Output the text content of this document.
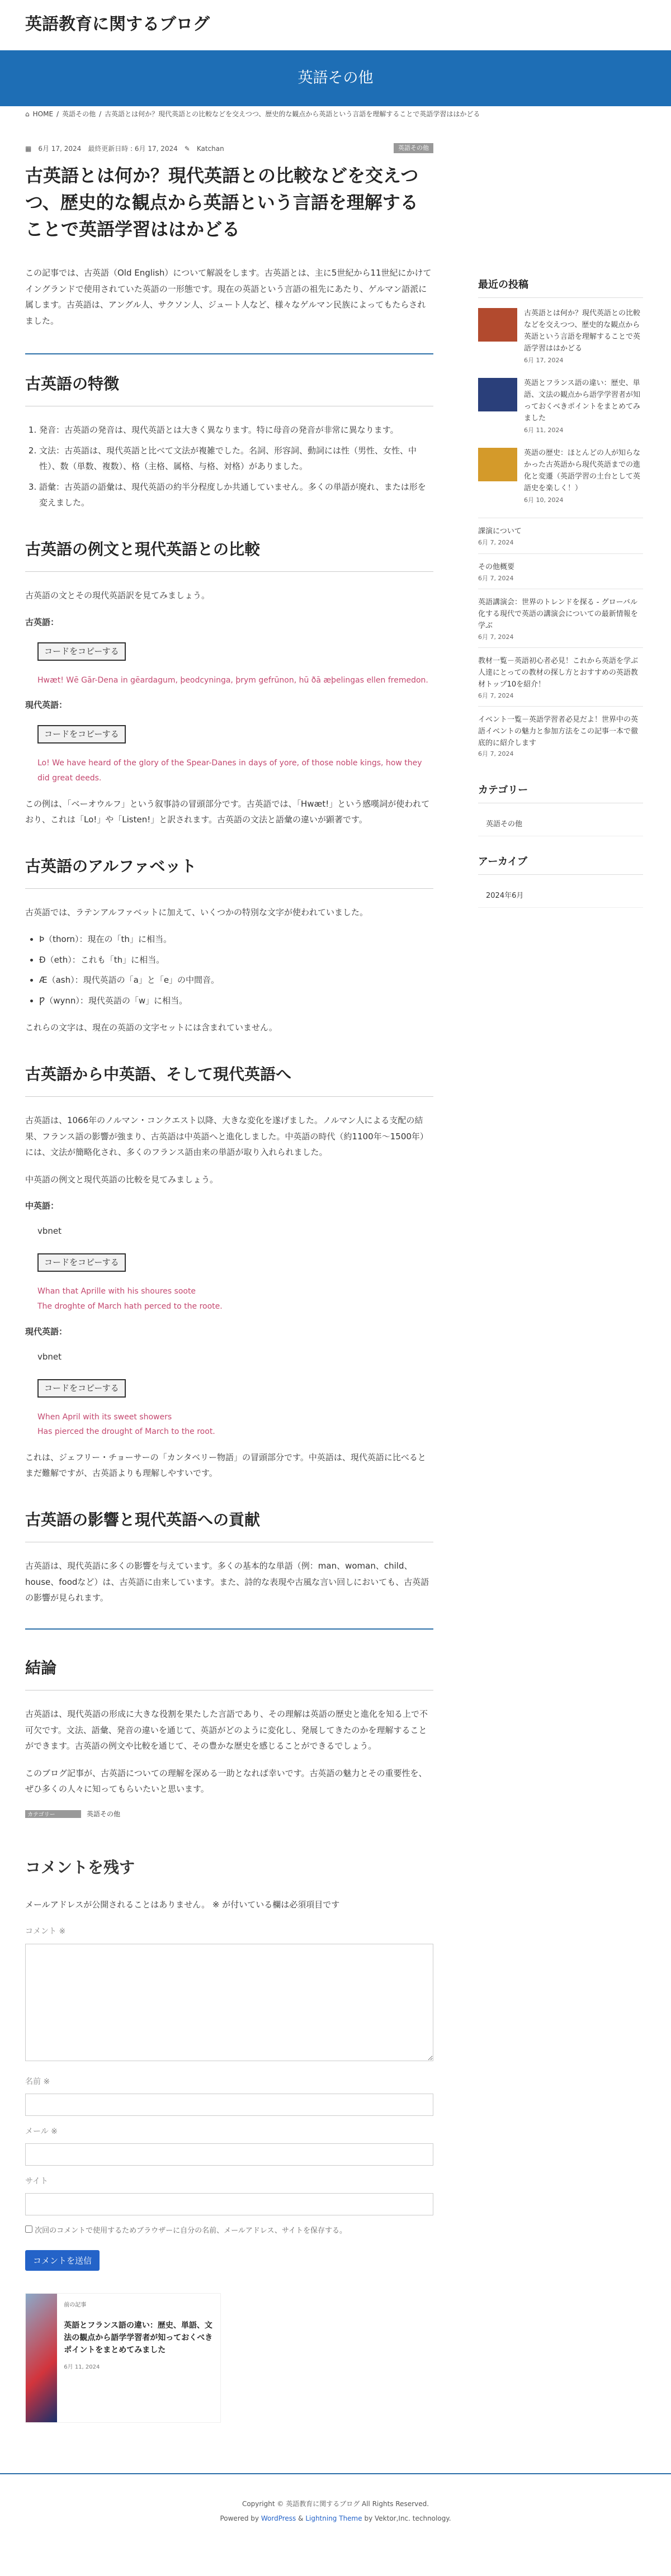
英語教育に関するブログ
英語その他
⌂ HOME / 英語その他 / 古英語とは何か？現代英語との比較などを交えつつ、歴史的な観点から英語という言語を理解することで英語学習ははかどる
▦ 6月 17, 2024 最終更新日時 : 6月 17, 2024 ✎ Katchan	英語その他
古英語とは何か？現代英語との比較などを交えつつ、歴史的な観点から英語という言語を理解することで英語学習ははかどる

この記事では、古英語（Old English）について解説をします。古英語とは、主に5世紀から11世紀にかけてイングランドで使用されていた英語の一形態です。現在の英語という言語の祖先にあたり、ゲルマン語派に属します。古英語は、アングル人、サクソン人、ジュート人など、様々なゲルマン民族によってもたらされました。

古英語の特徴
1. 発音：古英語の発音は、現代英語とは大きく異なります。特に母音の発音が非常に異なります。
2. 文法：古英語は、現代英語と比べて文法が複雑でした。名詞、形容詞、動詞には性（男性、女性、中性）、数（単数、複数）、格（主格、属格、与格、対格）がありました。
3. 語彙：古英語の語彙は、現代英語の約半分程度しか共通していません。多くの単語が廃れ、または形を変えました。
古英語の例文と現代英語との比較

古英語の文とその現代英語訳を見てみましょう。

古英語：
コードをコピーする
Hwæt! Wē Gār-Dena in gēardagum, þeodcyninga, þrym gefrūnon, hū ðā æþelingas ellen fremedon.
現代英語：
コードをコピーする
Lo! We have heard of the glory of the Spear-Danes in days of yore, of those noble kings, how they did great deeds.

この例は、「ベーオウルフ」という叙事詩の冒頭部分です。古英語では、「Hwæt!」という感嘆詞が使われており、これは「Lo!」や「Listen!」と訳されます。古英語の文法と語彙の違いが顕著です。

古英語のアルファベット

古英語では、ラテンアルファベットに加えて、いくつかの特別な文字が使われていました。

• Þ（thorn）：現在の「th」に相当。
• Ð（eth）：これも「th」に相当。
• Æ（ash）：現代英語の「a」と「e」の中間音。
• Ƿ（wynn）：現代英語の「w」に相当。

これらの文字は、現在の英語の文字セットには含まれていません。

古英語から中英語、そして現代英語へ

古英語は、1066年のノルマン・コンクエスト以降、大きな変化を遂げました。ノルマン人による支配の結果、フランス語の影響が強まり、古英語は中英語へと進化しました。中英語の時代（約1100年〜1500年）には、文法が簡略化され、多くのフランス語由来の単語が取り入れられました。

中英語の例文と現代英語の比較を見てみましょう。

中英語：
vbnet
コードをコピーする
Whan that Aprille with his shoures soote
The droghte of March hath perced to the roote.
現代英語：
vbnet
コードをコピーする
When April with its sweet showers
Has pierced the drought of March to the root.

これは、ジェフリー・チョーサーの「カンタベリー物語」の冒頭部分です。中英語は、現代英語に比べるとまだ難解ですが、古英語よりも理解しやすいです。

古英語の影響と現代英語への貢献

古英語は、現代英語に多くの影響を与えています。多くの基本的な単語（例：man、woman、child、house、foodなど）は、古英語に由来しています。また、詩的な表現や古風な言い回しにおいても、古英語の影響が見られます。

結論

古英語は、現代英語の形成に大きな役割を果たした言語であり、その理解は英語の歴史と進化を知る上で不可欠です。文法、語彙、発音の違いを通じて、英語がどのように変化し、発展してきたのかを理解することができます。古英語の例文や比較を通じて、その豊かな歴史を感じることができるでしょう。

このブログ記事が、古英語についての理解を深める一助となれば幸いです。古英語の魅力とその重要性を、ぜひ多くの人々に知ってもらいたいと思います。

カテゴリー	英語その他
コメントを残す
メールアドレスが公開されることはありません。 ※ が付いている欄は必須項目です
コメント ※
名前 ※
メール ※
サイト
次回のコメントで使用するためブラウザーに自分の名前、メールアドレス、サイトを保存する。
コメントを送信
前の記事
英語とフランス語の違い：歴史、単語、文法の観点から語学学習者が知っておくべきポイントをまとめてみました
6月 11, 2024
最近の投稿
古英語とは何か？現代英語との比較などを交えつつ、歴史的な観点から英語という言語を理解することで英語学習ははかどる
6月 17, 2024
英語とフランス語の違い：歴史、単語、文法の観点から語学学習者が知っておくべきポイントをまとめてみました
6月 11, 2024
英語の歴史：ほとんどの人が知らなかった古英語から現代英語までの進化と変遷（英語学習の土台として英語史を楽しく！）
6月 10, 2024
課演について
6月 7, 2024
その他概要
6月 7, 2024
英語講演会：世界のトレンドを探る - グローバル化する現代で英語の講演会についての最新情報を学ぶ
6月 7, 2024
教材一覧－英語初心者必見！これから英語を学ぶ人達にとっての教材の探し方とおすすめの英語教材トップ10を紹介！
6月 7, 2024
イベント一覧－英語学習者必見だよ！世界中の英語イベントの魅力と参加方法をこの記事一本で徹底的に紹介します
6月 7, 2024
カテゴリー
英語その他
アーカイブ
2024年6月
Copyright © 英語教育に関するブログ All Rights Reserved.
Powered by WordPress & Lightning Theme by Vektor,Inc. technology.
